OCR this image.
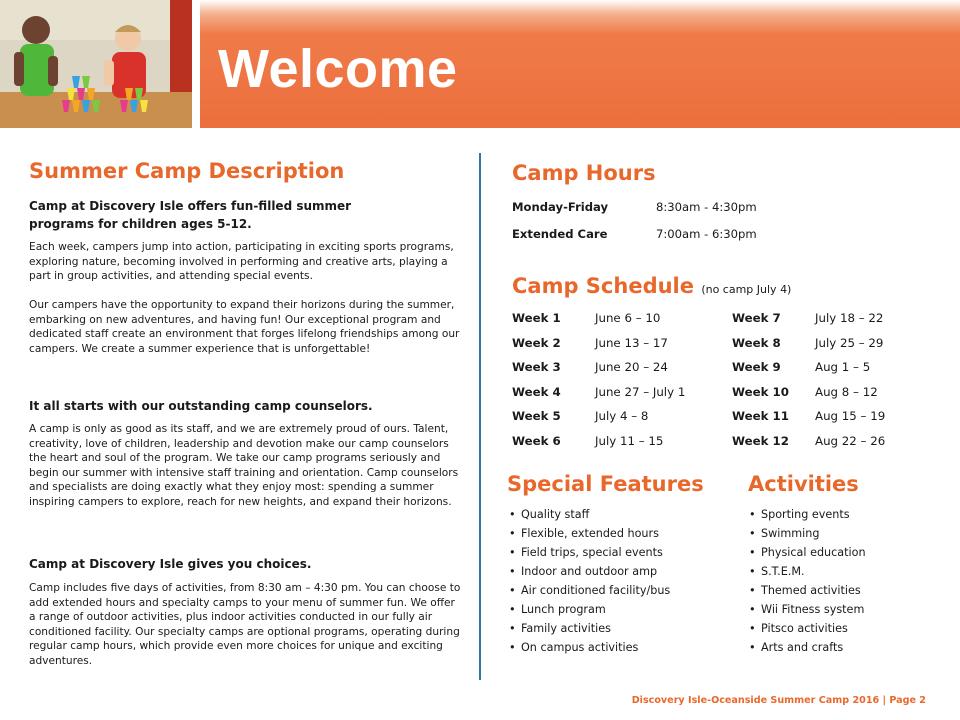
Welcome
Summer Camp Description
Camp at Discovery Isle offers fun-filled summer programs for children ages 5-12.
Each week, campers jump into action, participating in exciting sports programs, exploring nature, becoming involved in performing and creative arts, playing a part in group activities, and attending special events.
Our campers have the opportunity to expand their horizons during the summer, embarking on new adventures, and having fun! Our exceptional program and dedicated staff create an environment that forges lifelong friendships among our campers. We create a summer experience that is unforgettable!
It all starts with our outstanding camp counselors.
A camp is only as good as its staff, and we are extremely proud of ours. Talent, creativity, love of children, leadership and devotion make our camp counselors the heart and soul of the program. We take our camp programs seriously and begin our summer with intensive staff training and orientation. Camp counselors and specialists are doing exactly what they enjoy most: spending a summer inspiring campers to explore, reach for new heights, and expand their horizons.
Camp at Discovery Isle gives you choices.
Camp includes five days of activities, from 8:30 am – 4:30 pm. You can choose to add extended hours and specialty camps to your menu of summer fun. We offer a range of outdoor activities, plus indoor activities conducted in our fully air conditioned facility. Our specialty camps are optional programs, operating during regular camp hours, which provide even more choices for unique and exciting adventures.
Camp Hours
Monday-Friday	8:30am - 4:30pm
Extended Care	7:00am - 6:30pm
Camp Schedule (no camp July 4)
Week 1	June 6 – 10
Week 2	June 13 – 17
Week 3	June 20 – 24
Week 4	June 27 – July 1
Week 5	July 4 – 8
Week 6	July 11 – 15
Week 7	July 18 – 22
Week 8	July 25 – 29
Week 9	Aug 1 – 5
Week 10 Aug 8 – 12
Week 11 Aug 15 – 19
Week 12 Aug 22 – 26
Special Features
• Quality staff
• Flexible, extended hours
• Field trips, special events
• Indoor and outdoor amp
• Air conditioned facility/bus
• Lunch program
• Family activities
• On campus activities
Activities
• Sporting events
• Swimming
• Physical education
• S.T.E.M.
• Themed activities
• Wii Fitness system
• Pitsco activities
• Arts and crafts
Discovery Isle-Oceanside Summer Camp 2016 | Page 2
